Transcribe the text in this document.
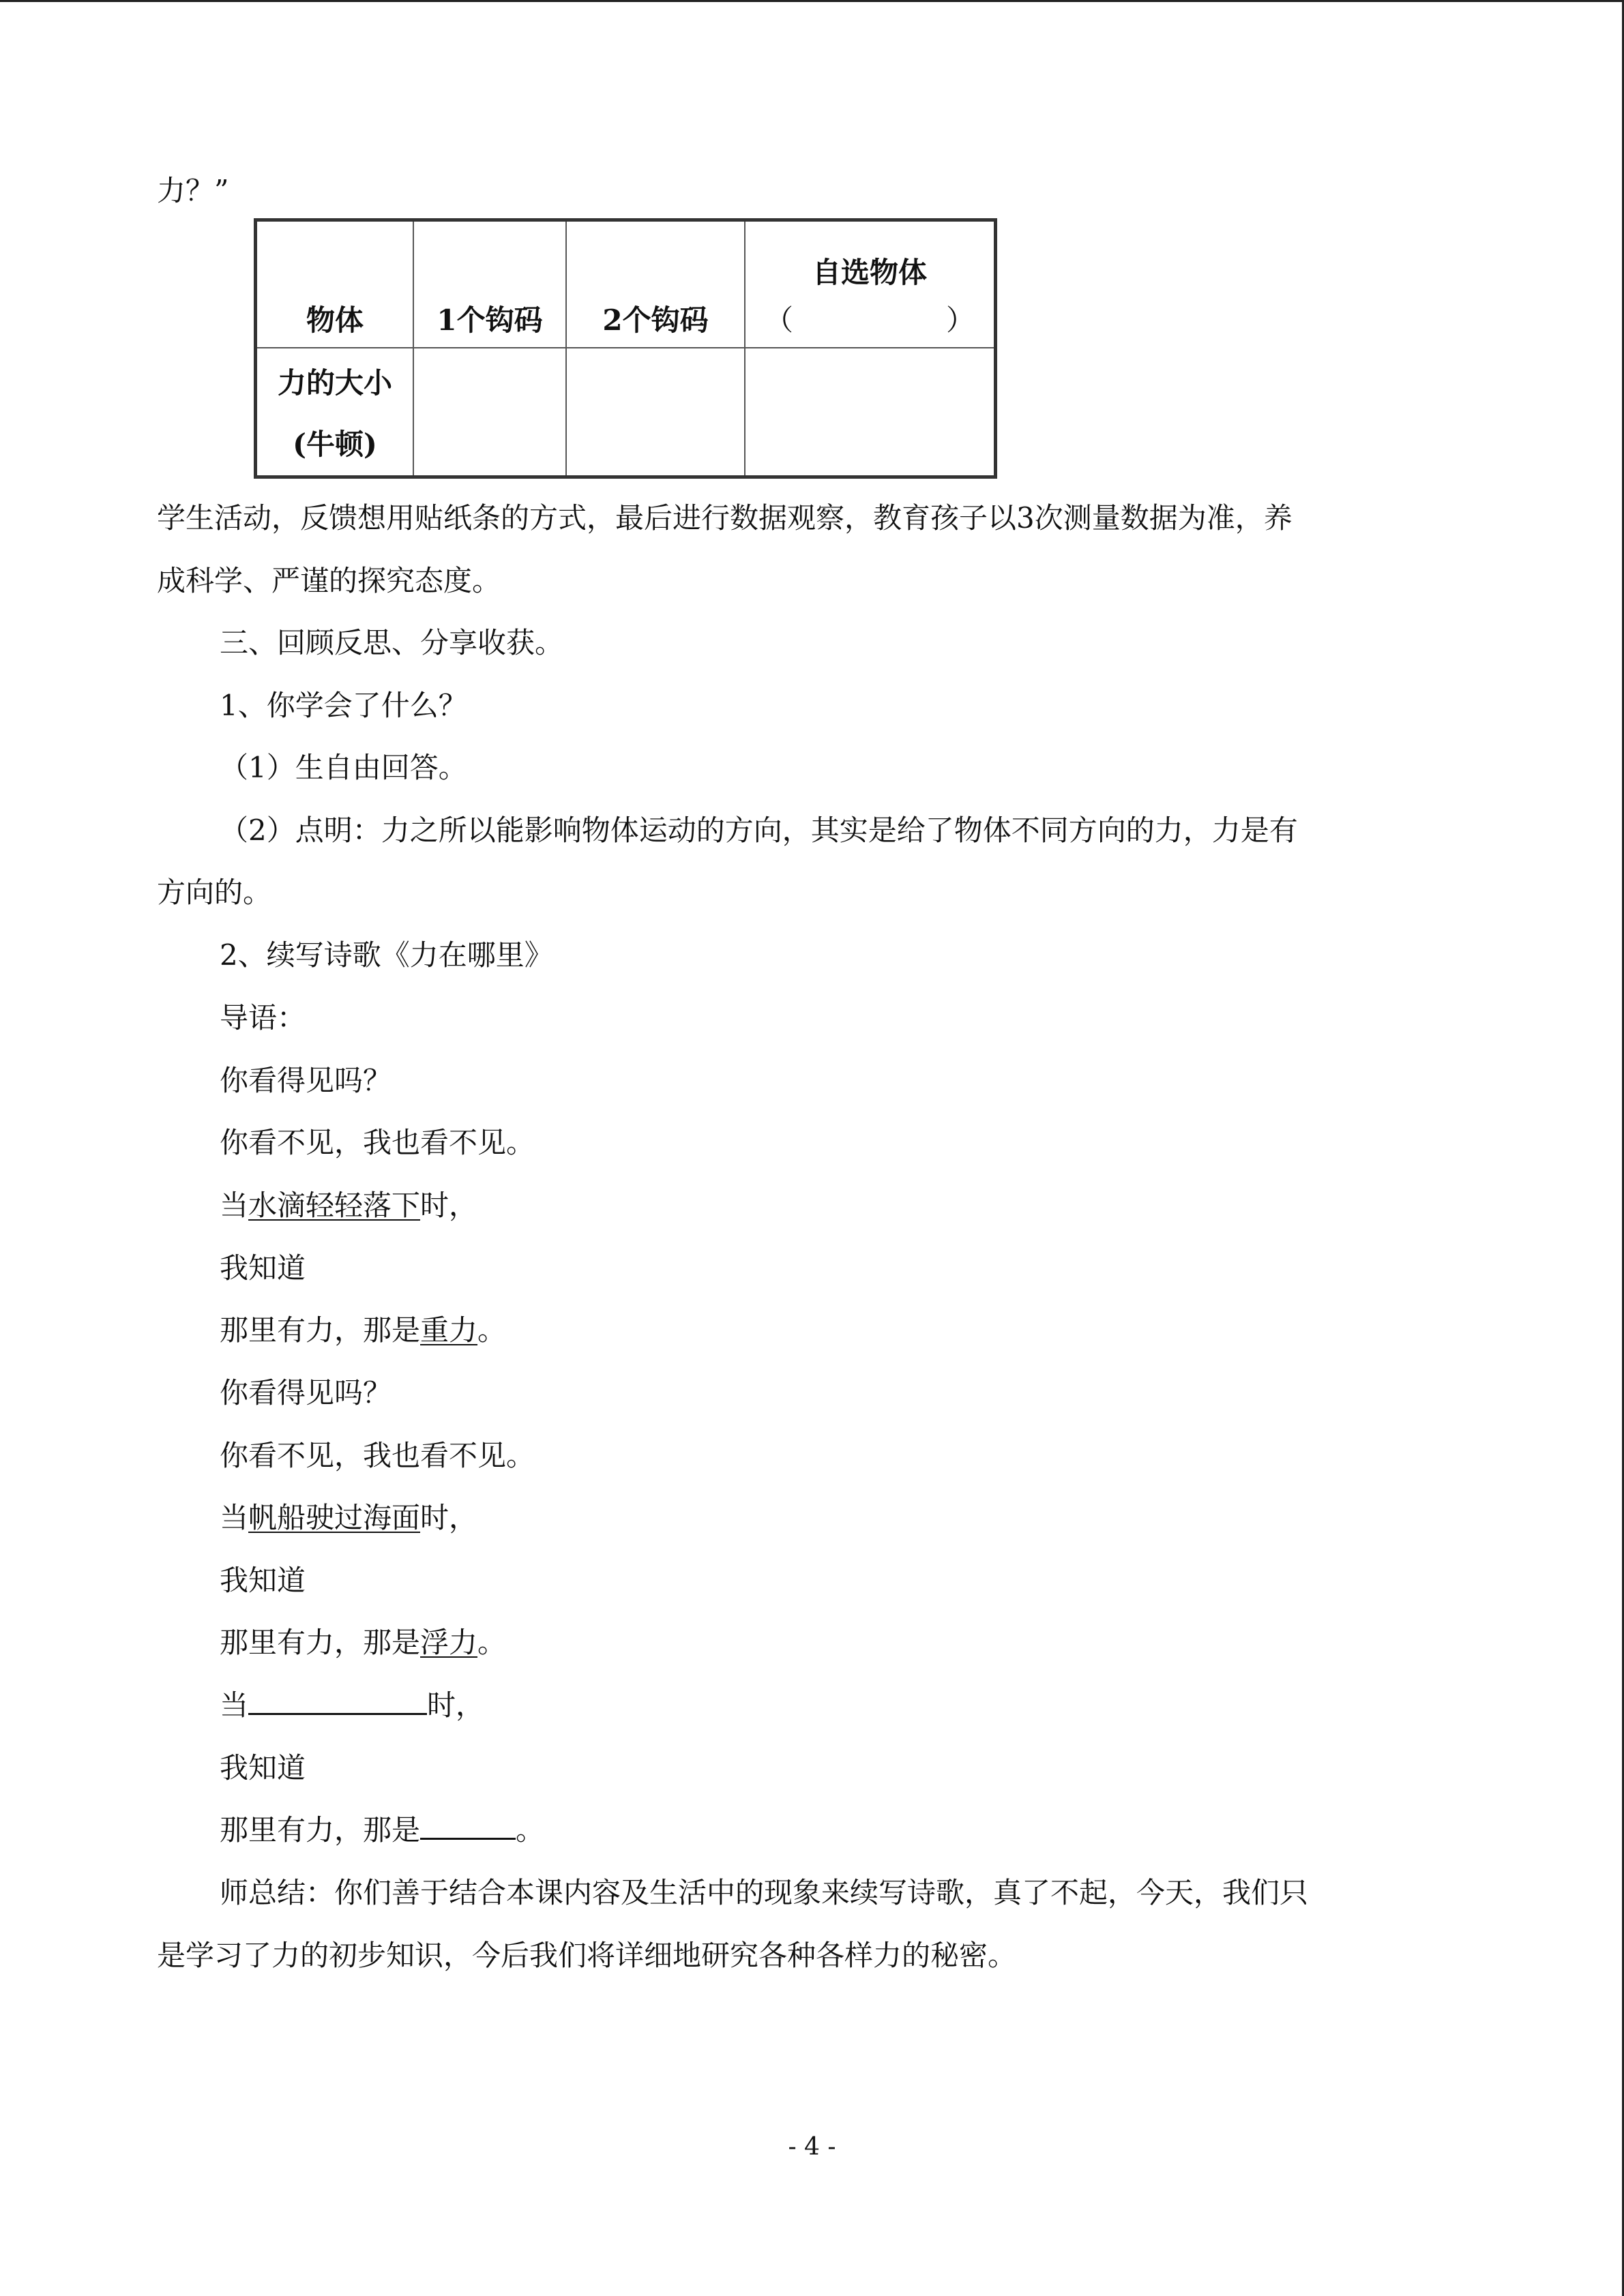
力？”
物体	1个钩码	2个钩码	自选物体
（ ）

力的大小
(牛顿)			

学生活动，反馈想用贴纸条的方式，最后进行数据观察，教育孩子以3次测量数据为准，养
成科学、严谨的探究态度。
三、回顾反思、分享收获。
1、你学会了什么？
（1）生自由回答。
（2）点明：力之所以能影响物体运动的方向，其实是给了物体不同方向的力，力是有
方向的。
2、续写诗歌《力在哪里》
导语：
你看得见吗？
你看不见，我也看不见。
当水滴轻轻落下时，
我知道
那里有力，那是重力。
你看得见吗？
你看不见，我也看不见。
当帆船驶过海面时，
我知道
那里有力，那是浮力。
当	时，
我知道
那里有力，那是	。
师总结：你们善于结合本课内容及生活中的现象来续写诗歌，真了不起，今天，我们只
是学习了力的初步知识，今后我们将详细地研究各种各样力的秘密。
- 4 -
